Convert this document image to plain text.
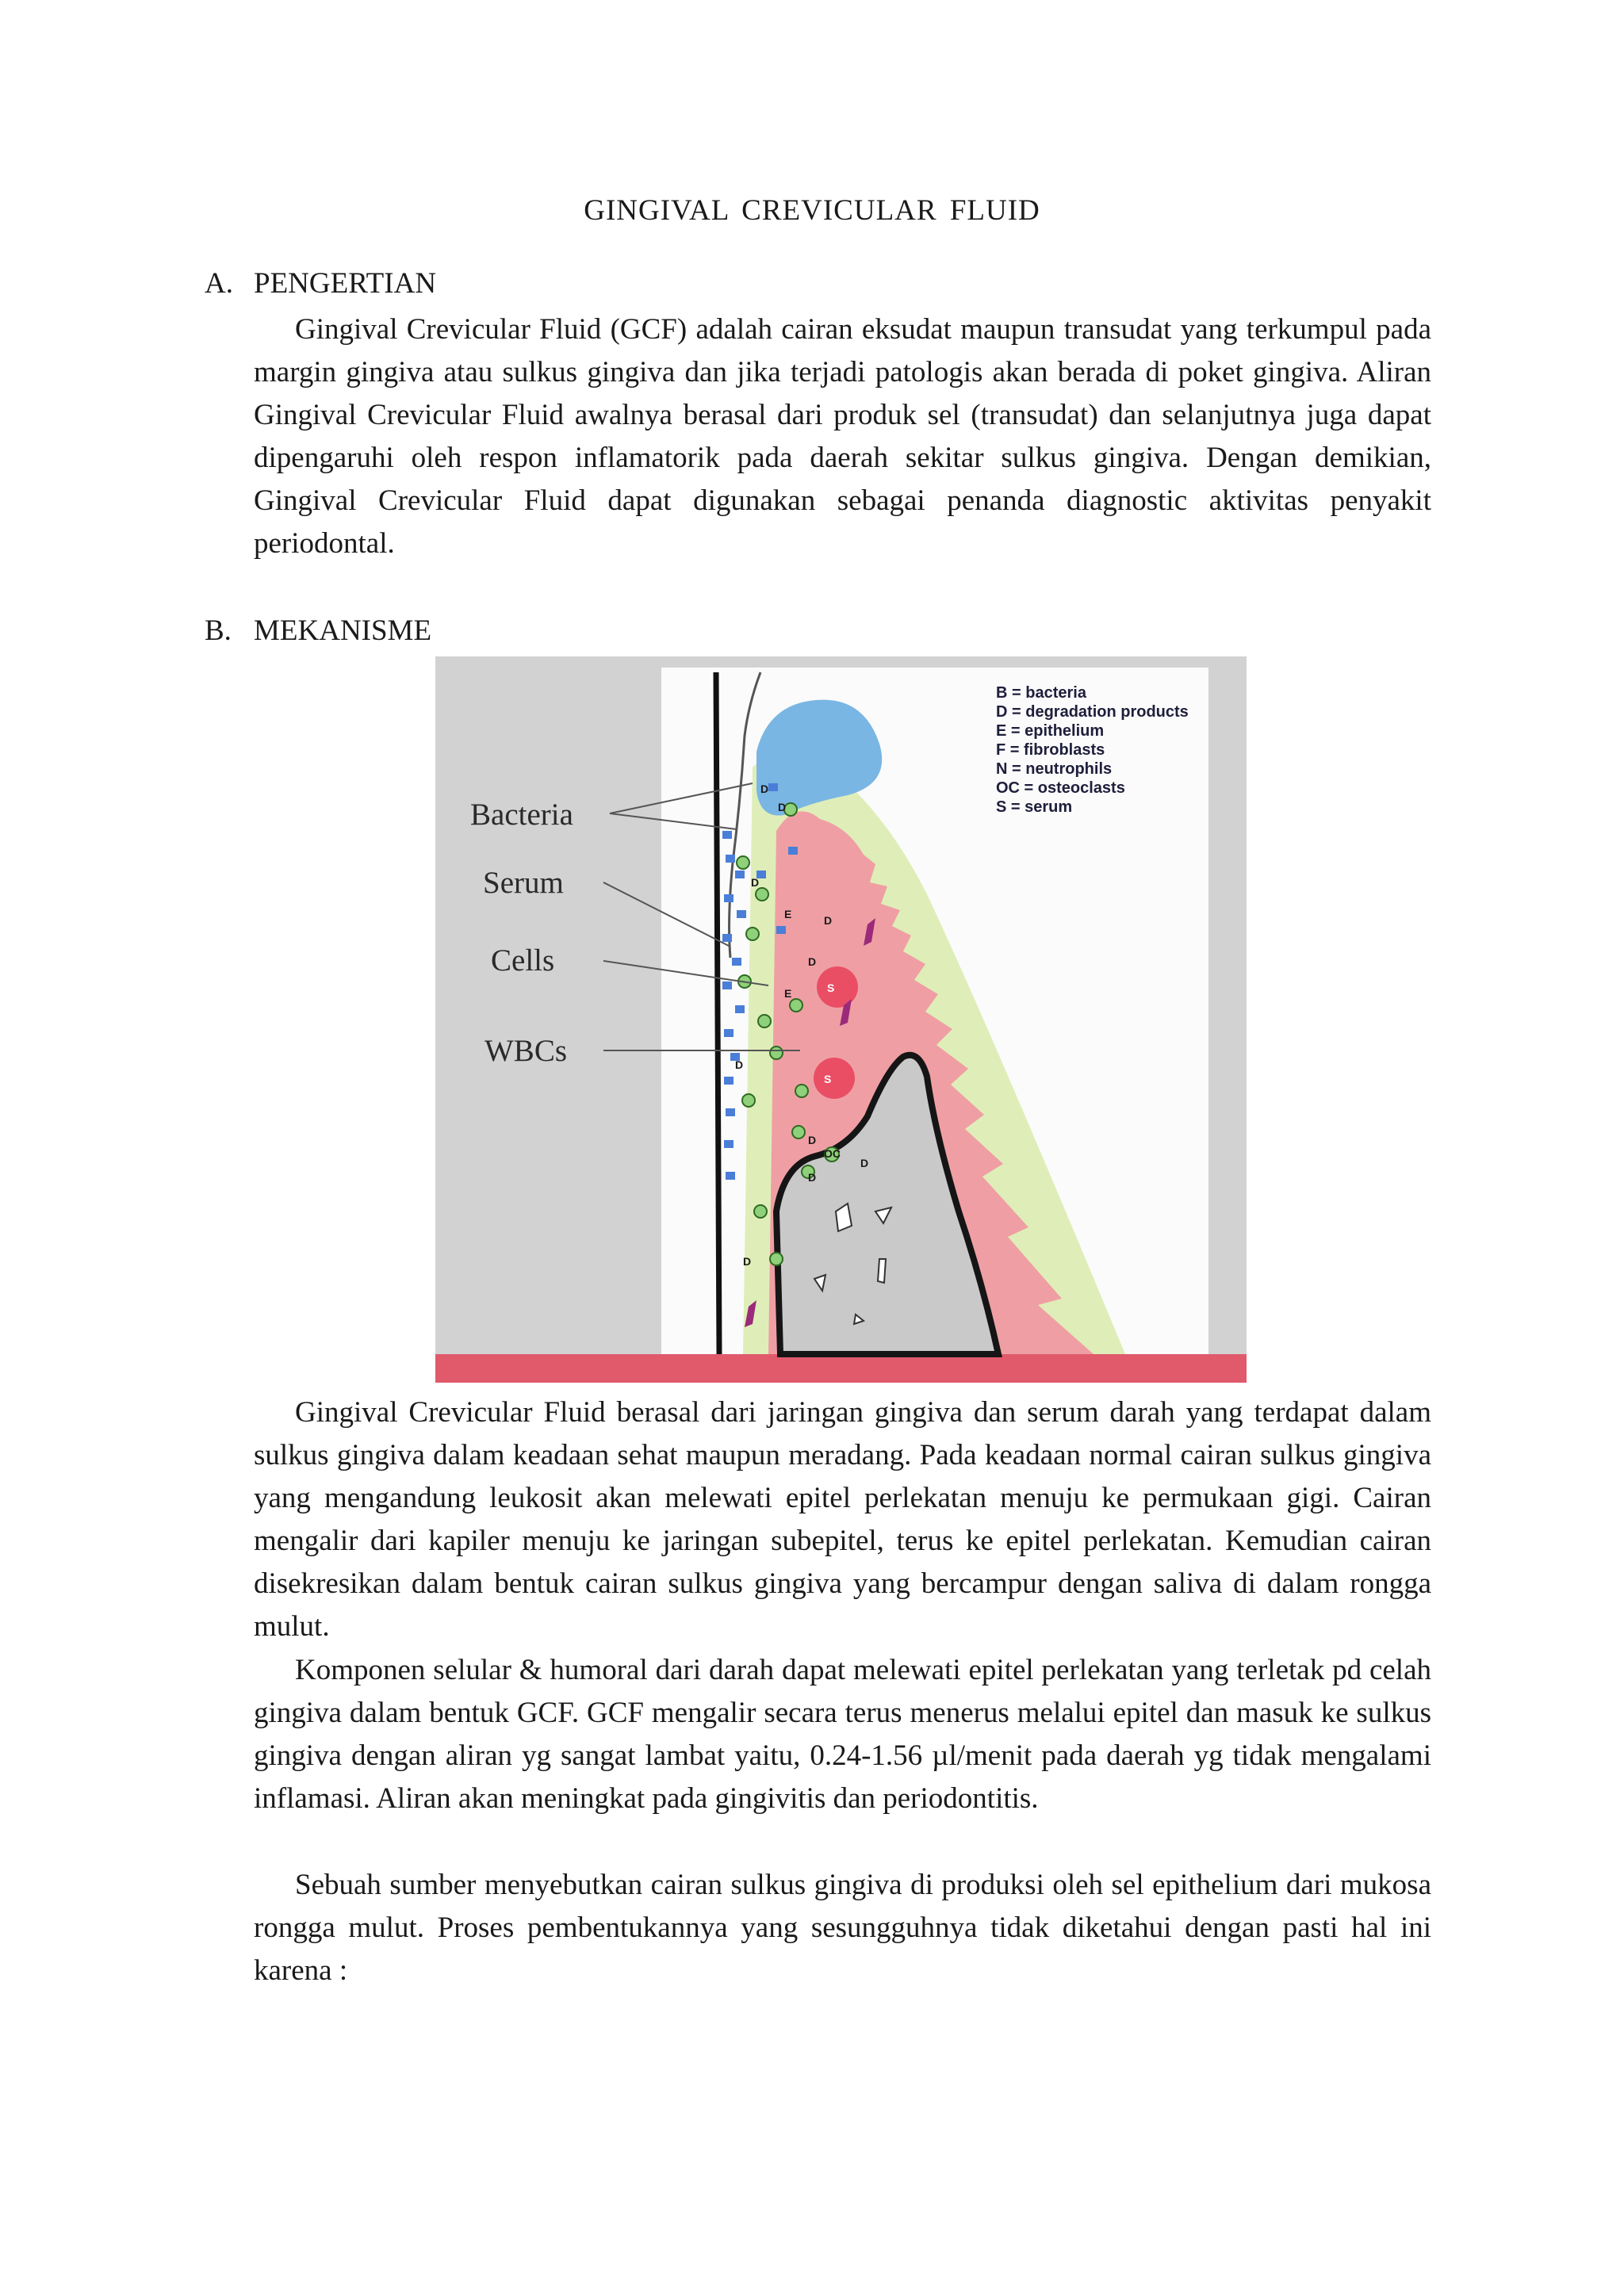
GINGIVAL CREVICULAR FLUID
A. PENGERTIAN

Gingival Crevicular Fluid (GCF) adalah cairan eksudat maupun transudat yang terkumpul pada margin gingiva atau sulkus gingiva dan jika terjadi patologis akan berada di poket gingiva. Aliran Gingival Crevicular Fluid awalnya berasal dari produk sel (transudat) dan selanjutnya juga dapat dipengaruhi oleh respon inflamatorik pada daerah sekitar sulkus gingiva. Dengan demikian, Gingival Crevicular Fluid dapat digunakan sebagai penanda diagnostic aktivitas penyakit periodontal.

B. MEKANISME
D
D
D
E	D
D
E
D
D
D
D
D
S
S
OC
Bacteria
Serum
Cells
WBCs
B = bacteria
D = degradation products
E = epithelium
F = fibroblasts
N = neutrophils
OC = osteoclasts
S = serum

Gingival Crevicular Fluid berasal dari jaringan gingiva dan serum darah yang terdapat dalam sulkus gingiva dalam keadaan sehat maupun meradang. Pada keadaan normal cairan sulkus gingiva yang mengandung leukosit akan melewati epitel perlekatan menuju ke permukaan gigi. Cairan mengalir dari kapiler menuju ke jaringan subepitel, terus ke epitel perlekatan. Kemudian cairan disekresikan dalam bentuk cairan sulkus gingiva yang bercampur dengan saliva di dalam rongga mulut.

Komponen selular & humoral dari darah dapat melewati epitel perlekatan yang terletak pd celah gingiva dalam bentuk GCF. GCF mengalir secara terus menerus melalui epitel dan masuk ke sulkus gingiva dengan aliran yg sangat lambat yaitu, 0.24-1.56 µl/menit pada daerah yg tidak mengalami inflamasi. Aliran akan meningkat pada gingivitis dan periodontitis.

Sebuah sumber menyebutkan cairan sulkus gingiva di produksi oleh sel epithelium dari mukosa rongga mulut. Proses pembentukannya yang sesungguhnya tidak diketahui dengan pasti hal ini karena :
